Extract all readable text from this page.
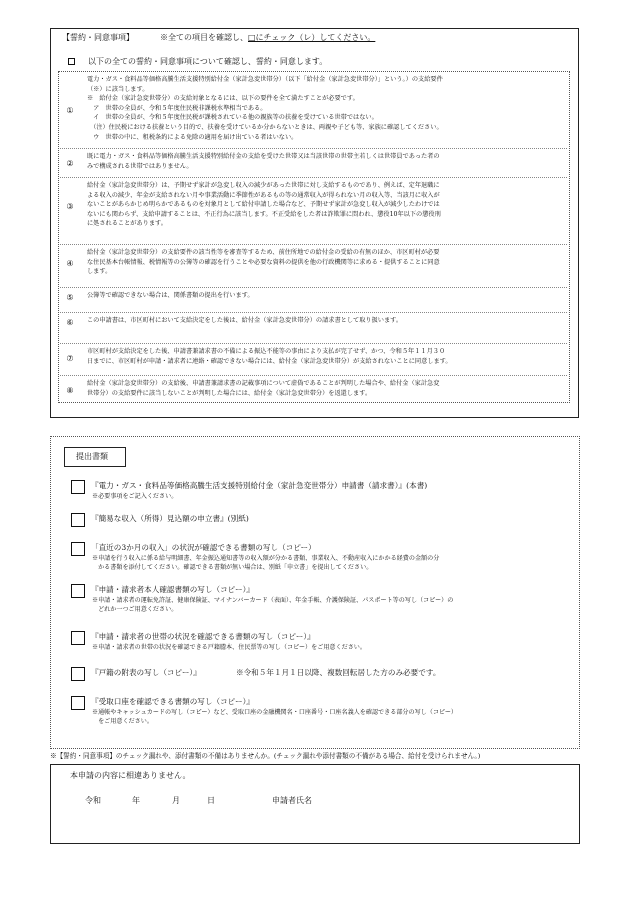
【誓約・同意事項】	※全ての項目を確認し、□にチェック（レ）してください。
以下の全ての誓約・同意事項について確認し、誓約・同意します。
①
電力・ガス・食料品等価格高騰生活支援特別給付金（家計急変世帯分）（以下「給付金（家計急変世帯分）」という。）の支給要件
（※）に該当します。
※　給付金（家計急変世帯分）の支給対象となるには、以下の要件を全て満たすことが必要です。
　ア　世帯の全員が、令和５年度住民税非課税水準相当である。
　イ　世帯の全員が、令和５年度住民税が課税されている他の親族等の扶養を受けている世帯ではない。
　（注）住民税における扶養という目的で、扶養を受けているか分からないときは、両親や子ども等、家族に確認してください。
　ウ　世帯の中に、租税条約による免除の適用を届け出ている者はいない。
②
既に電力・ガス・食料品等価格高騰生活支援特別給付金の支給を受けた世帯又は当該世帯の世帯主若しくは世帯員であった者の
みで構成される世帯ではありません。
③
給付金（家計急変世帯分）は、予期せず家計が急変し収入の減少があった世帯に対し支給するものであり、例えば、定年退職に
よる収入の減少、年金が支給されない月や事業活動に季節性があるもの等の通常収入が得られない月の収入等、当該月に収入が
ないことがあらかじめ明らかであるものを対象月として給付申請した場合など、予期せず家計が急変し収入が減少したわけでは
ないにも関わらず、支給申請することは、不正行為に該当します。不正受給をした者は詐欺罪に問われ、懲役10年以下の懲役刑
に処されることがあります。
④
給付金（家計急変世帯分）の支給要件の該当性等を審査等するため、前住所地での給付金の受給の有無のほか、市区町村が必要
な住民基本台帳情報、税情報等の公簿等の確認を行うことや必要な資料の提供を他の行政機関等に求める・提供することに同意
します。
⑤	公簿等で確認できない場合は、関係書類の提出を行います。
⑥	この申請書は、市区町村において支給決定をした後は、給付金（家計急変世帯分）の請求書として取り扱います。
⑦
市区町村が支給決定をした後、申請書兼請求書の不備による振込不能等の事由により支払が完了せず、かつ、令和５年１１月３０
日までに、市区町村が申請・請求者に連絡・確認できない場合には、給付金（家計急変世帯分）が支給されないことに同意します。
⑧
給付金（家計急変世帯分）の支給後、申請書兼請求書の記載事項について虚偽であることが判明した場合や、給付金（家計急変
世帯分）の支給要件に該当しないことが判明した場合には、給付金（家計急変世帯分）を返還します。
提出書類
『電力・ガス・食料品等価格高騰生活支援特別給付金（家計急変世帯分）申請書（請求書）』(本書)
※必要事項をご記入ください。
『簡易な収入（所得）見込額の申立書』(別紙)
「直近の3か月の収入」の状況が確認できる書類の写し（コピー）
※申請を行う収入に係る給与明細書、年金振込通知書等の収入額が分かる書類、事業収入、不動産収入にかかる経費の金額の分
　かる書類を添付してください。確認できる書類が無い場合は、別紙「申立書」を提出してください。
『申請・請求者本人確認書類の写し（コピー）』
※申請・請求者の運転免許証、健康保険証、マイナンバーカード（表面）、年金手帳、介護保険証、パスポート等の写し（コピー）の
　どれか一つご用意ください。
『申請・請求者の世帯の状況を確認できる書類の写し（コピー）』
※申請・請求者の世帯の状況を確認できる戸籍謄本、住民票等の写し（コピー）をご用意ください。
『戸籍の附表の写し（コピー）』	※令和５年１月１日以降、複数回転居した方のみ必要です。
『受取口座を確認できる書類の写し（コピー）』
※通帳やキャッシュカードの写し（コピー）など、受取口座の金融機関名・口座番号・口座名義人を確認できる部分の写し（コピー）
　をご用意ください。
※【誓約・同意事項】のチェック漏れや、添付書類の不備はありませんか。(チェック漏れや添付書類の不備がある場合、給付を受けられません。)
本申請の内容に相違ありません。
令和	年	月	日	申請者氏名
